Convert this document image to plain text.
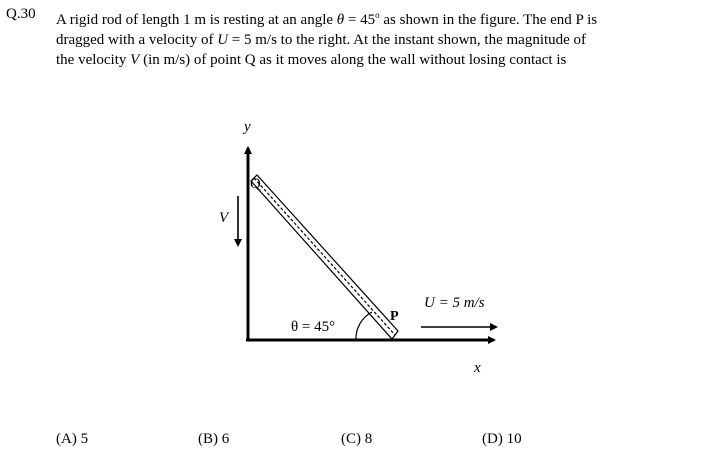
Q.30 A rigid rod of length 1 m is resting at an angle $\theta = 45^o$ as shown in the figure. The end P is
dragged with a velocity of U = 5 m/s to the right. At the instant shown, the magnitude of
the velocity V (in m/s) of point Q as it moves along the wall without losing contact is
y
x
Q
P
V
U = 5 m/s
θ = 45°
(A) 5	(B) 6	(C) 8	(D) 10
